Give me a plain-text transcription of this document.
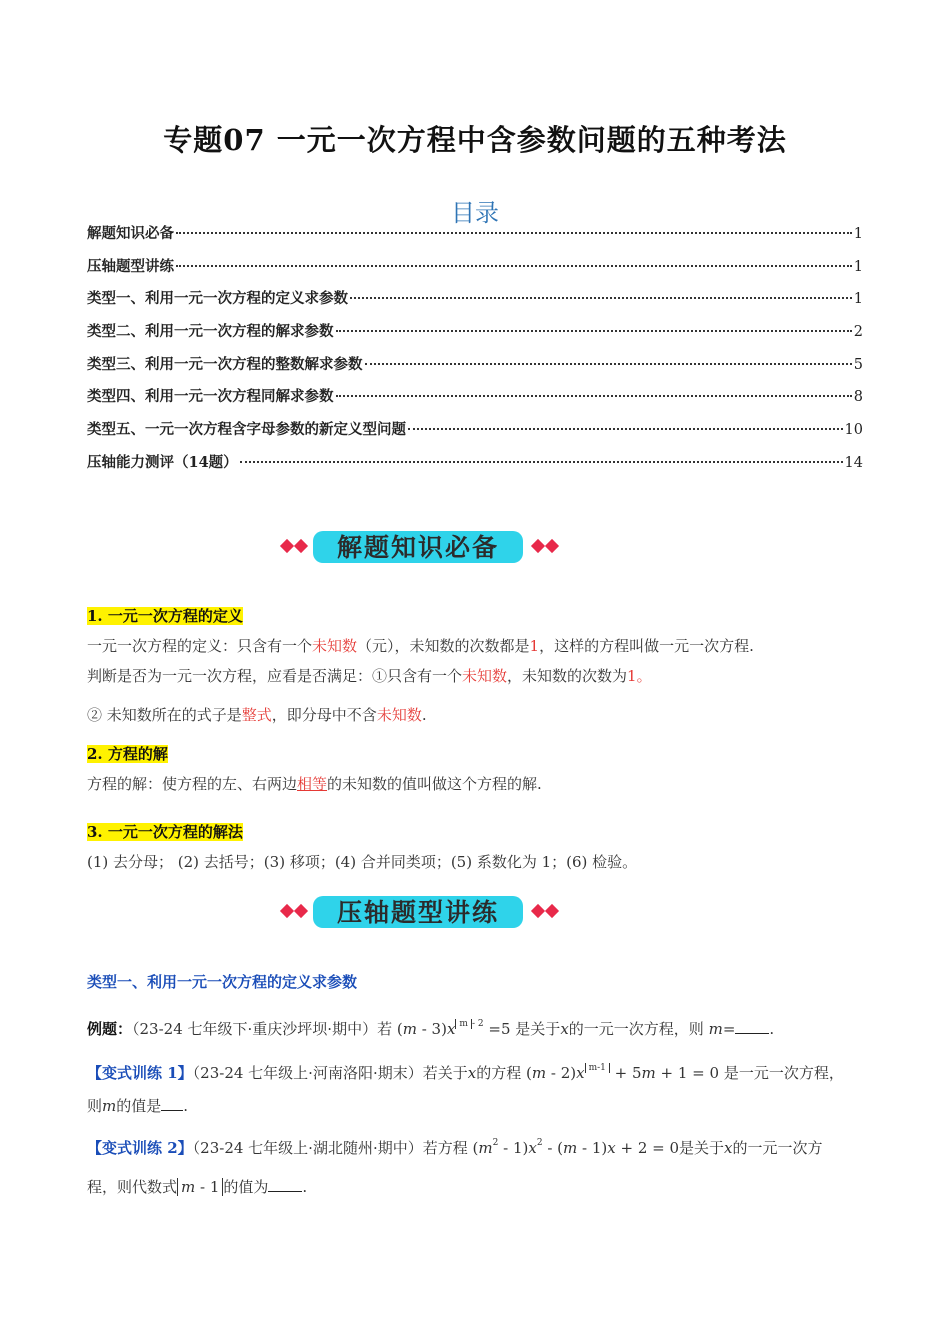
专题07 一元一次方程中含参数问题的五种考法
目录
解题知识必备	1
压轴题型讲练	1
类型一、利用一元一次方程的定义求参数	1
类型二、利用一元一次方程的解求参数	2
类型三、利用一元一次方程的整数解求参数	5
类型四、利用一元一次方程同解求参数	8
类型五、一元一次方程含字母参数的新定义型问题	10
压轴能力测评（14题）	14
解题知识必备
1. 一元一次方程的定义
一元一次方程的定义：只含有一个未知数（元），未知数的次数都是1，这样的方程叫做一元一次方程.
判断是否为一元一次方程，应看是否满足：①只含有一个未知数，未知数的次数为1。
② 未知数所在的式子是整式，即分母中不含未知数.
2. 方程的解
方程的解：使方程的左、右两边相等的未知数的值叫做这个方程的解.
3. 一元一次方程的解法
(1) 去分母； (2) 去括号；(3) 移项；(4) 合并同类项；(5) 系数化为 1；(6) 检验。
压轴题型讲练
类型一、利用一元一次方程的定义求参数
例题：（23-24 七年级下·重庆沙坪坝·期中）若 (m - 3)x $^{m - 2}$ =5 是关于x的一元一次方程，则 m= .
【变式训练 1】（23-24 七年级上·河南洛阳·期末）若关于x的方程 (m - 2)x $^{m-1}$ + 5m + 1 = 0 是一元一次方程，
则m的值是 .
【变式训练 2】（23-24 七年级上·湖北随州·期中）若方程 $(m^2 - 1)x^2 - (m - 1)x + 2 = 0$是关于x的一元一次方
程，则代数式 m - 1 的值为 .
